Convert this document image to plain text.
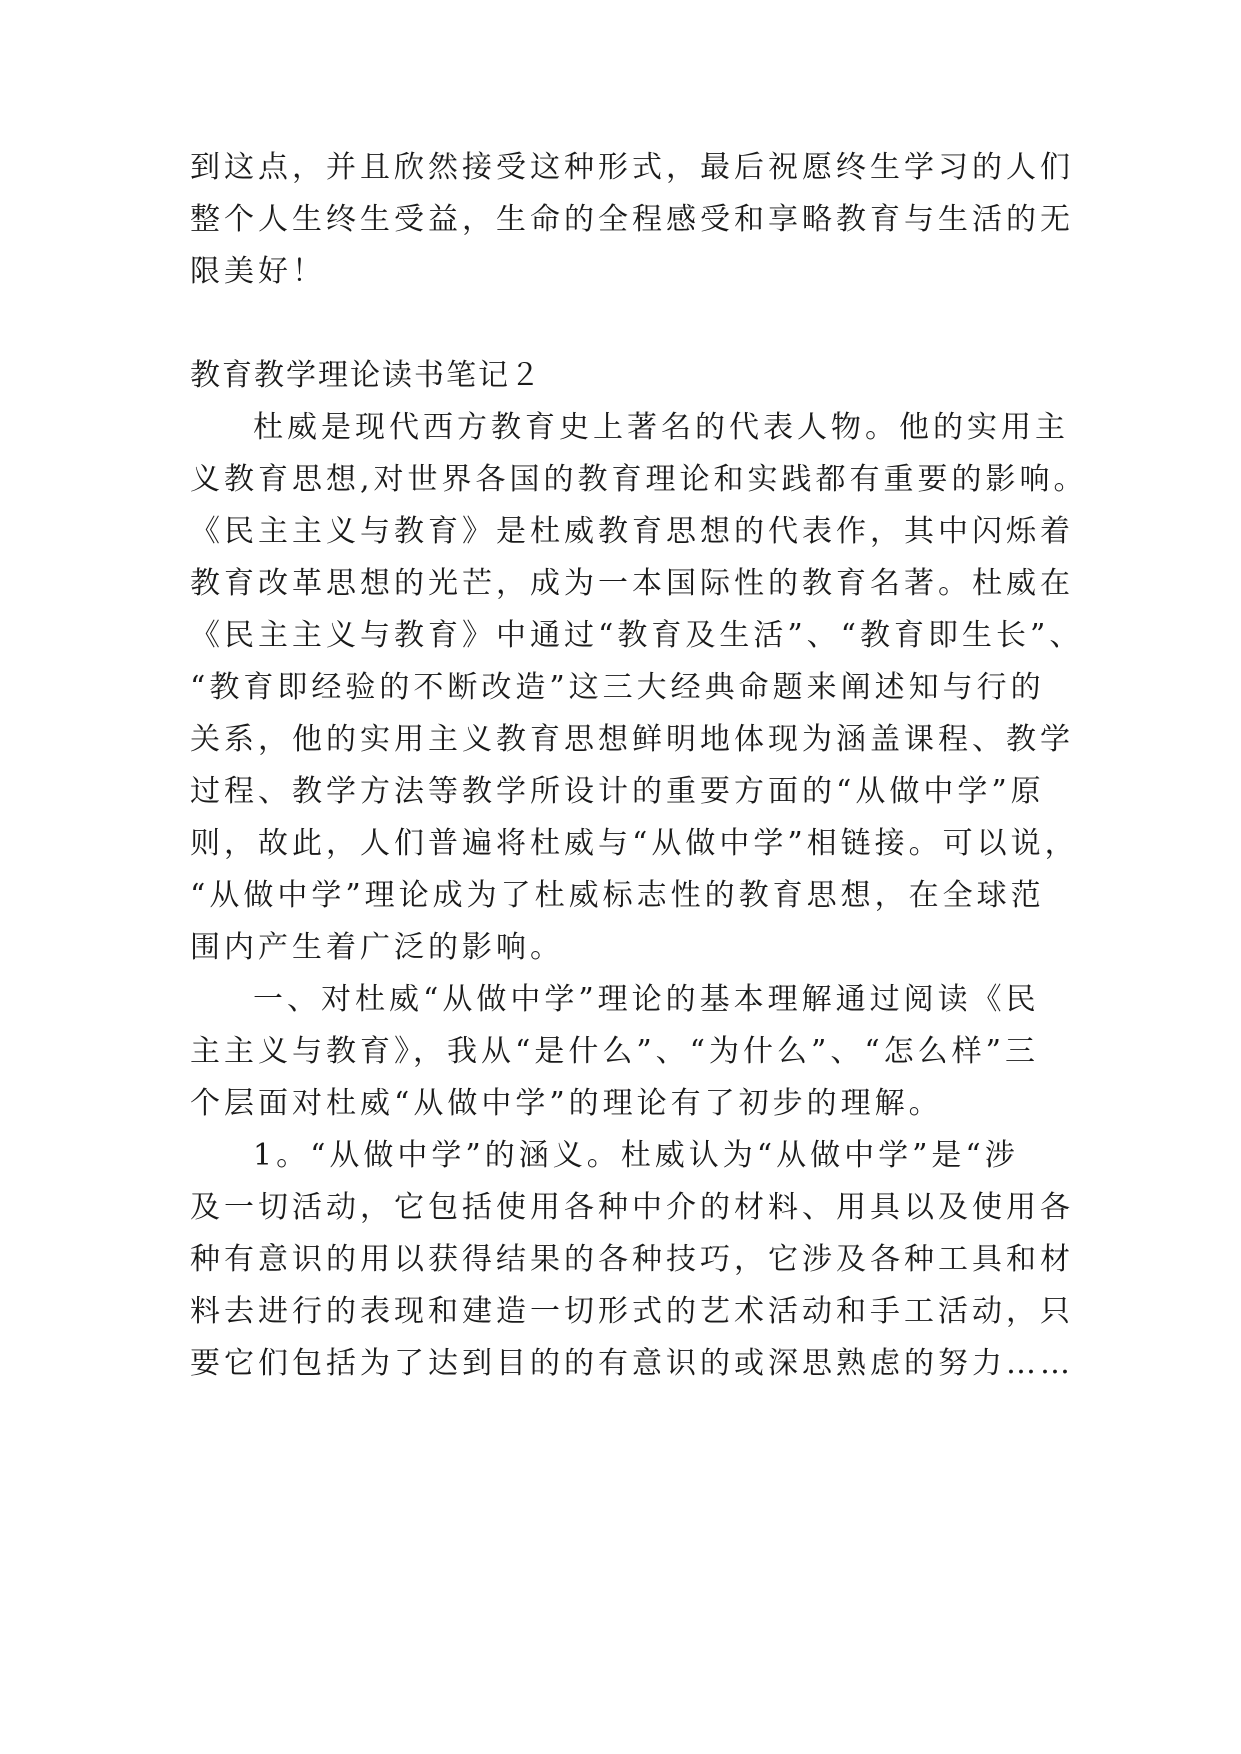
到这点，并且欣然接受这种形式，最后祝愿终生学习的人们
整个人生终生受益，生命的全程感受和享略教育与生活的无
限美好！
教育教学理论读书笔记２
杜威是现代西方教育史上著名的代表人物。他的实用主
义教育思想,对世界各国的教育理论和实践都有重要的影响。
《民主主义与教育》是杜威教育思想的代表作，其中闪烁着
教育改革思想的光芒，成为一本国际性的教育名著。杜威在
《民主主义与教育》中通过“教育及生活”、“教育即生长”、
“教育即经验的不断改造”这三大经典命题来阐述知与行的
关系，他的实用主义教育思想鲜明地体现为涵盖课程、教学
过程、教学方法等教学所设计的重要方面的“从做中学”原
则，故此，人们普遍将杜威与“从做中学”相链接。可以说，
“从做中学”理论成为了杜威标志性的教育思想，在全球范
围内产生着广泛的影响。
一、对杜威“从做中学”理论的基本理解通过阅读《民
主主义与教育》，我从“是什么”、“为什么”、“怎么样”三
个层面对杜威“从做中学”的理论有了初步的理解。
1。“从做中学”的涵义。杜威认为“从做中学”是“涉
及一切活动，它包括使用各种中介的材料、用具以及使用各
种有意识的用以获得结果的各种技巧，它涉及各种工具和材
料去进行的表现和建造一切形式的艺术活动和手工活动，只
要它们包括为了达到目的的有意识的或深思熟虑的努力……
